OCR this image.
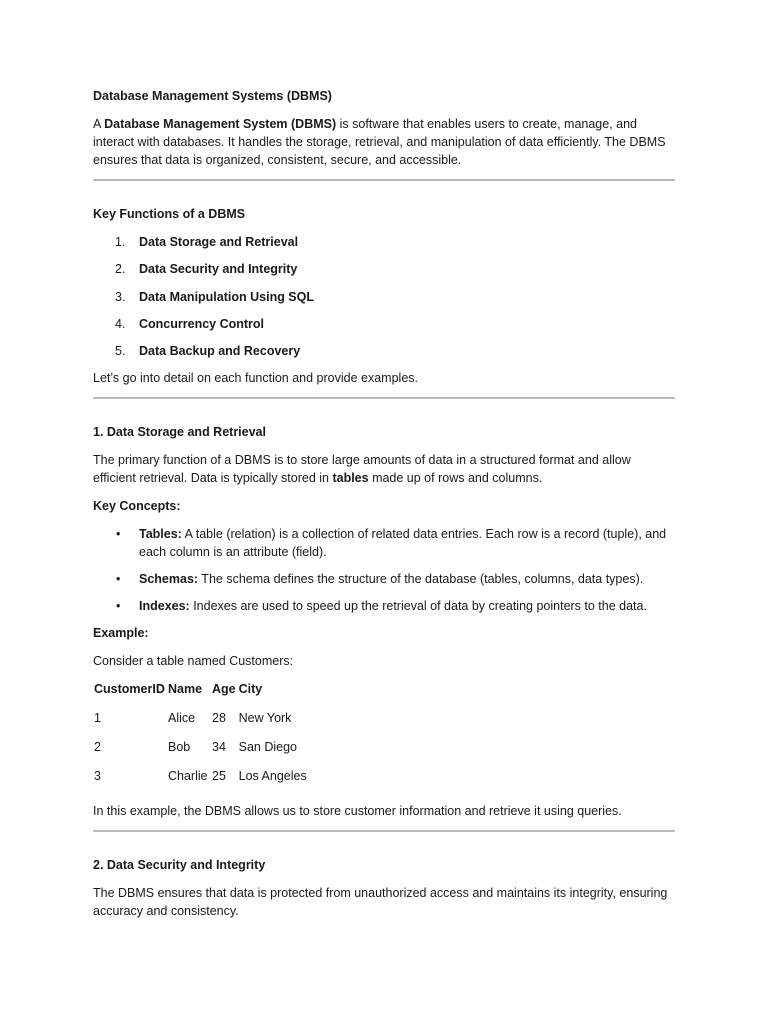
Database Management Systems (DBMS)

A Database Management System (DBMS) is software that enables users to create, manage, and interact with databases. It handles the storage, retrieval, and manipulation of data efficiently. The DBMS ensures that data is organized, consistent, secure, and accessible.

Key Functions of a DBMS

1. Data Storage and Retrieval
2. Data Security and Integrity
3. Data Manipulation Using SQL
4. Concurrency Control
5. Data Backup and Recovery

Let’s go into detail on each function and provide examples.

1. Data Storage and Retrieval

The primary function of a DBMS is to store large amounts of data in a structured format and allow efficient retrieval. Data is typically stored in tables made up of rows and columns.

Key Concepts:

• Tables: A table (relation) is a collection of related data entries. Each row is a record (tuple), and each column is an attribute (field).
• Schemas: The schema defines the structure of the database (tables, columns, data types).
• Indexes: Indexes are used to speed up the retrieval of data by creating pointers to the data.

Example:

Consider a table named Customers:

CustomerID	Name	Age	City
1	Alice	28	New York
2	Bob	34	San Diego
3	Charlie	25	Los Angeles

In this example, the DBMS allows us to store customer information and retrieve it using queries.

2. Data Security and Integrity

The DBMS ensures that data is protected from unauthorized access and maintains its integrity, ensuring accuracy and consistency.
